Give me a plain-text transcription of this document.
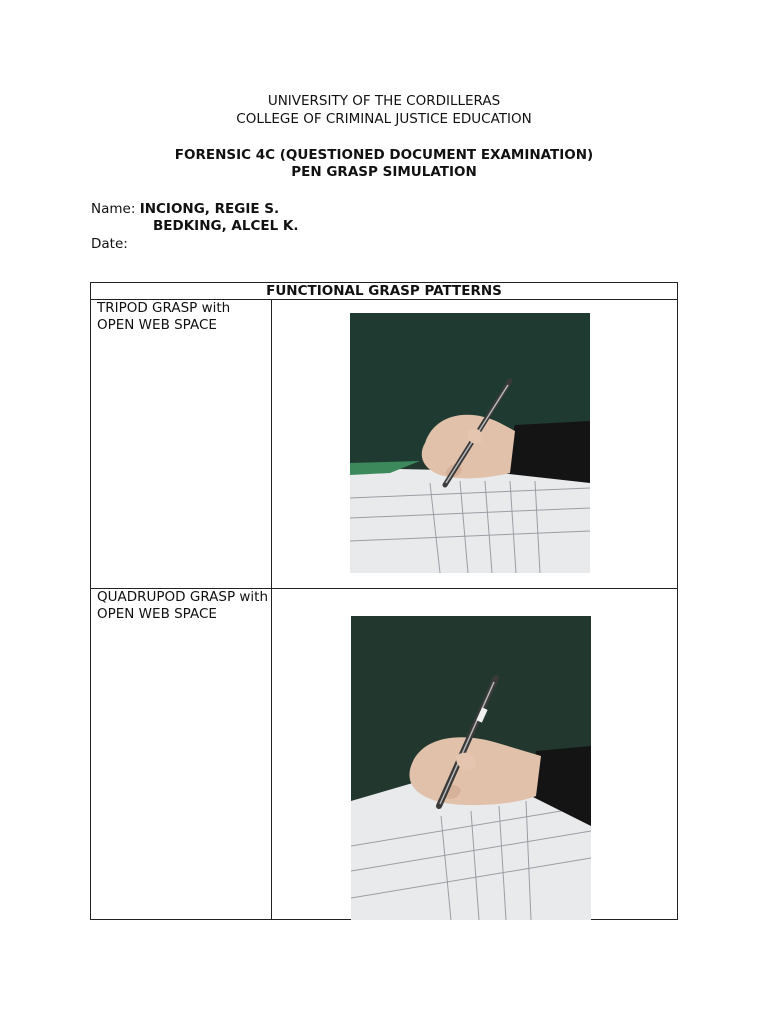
UNIVERSITY OF THE CORDILLERAS
COLLEGE OF CRIMINAL JUSTICE EDUCATION
FORENSIC 4C (QUESTIONED DOCUMENT EXAMINATION)
PEN GRASP SIMULATION
Name: INCIONG, REGIE S.
BEDKING, ALCEL K.
Date:
FUNCTIONAL GRASP PATTERNS	
TRIPOD GRASP with OPEN WEB SPACE	

QUADRUPOD GRASP with OPEN WEB SPACE	
